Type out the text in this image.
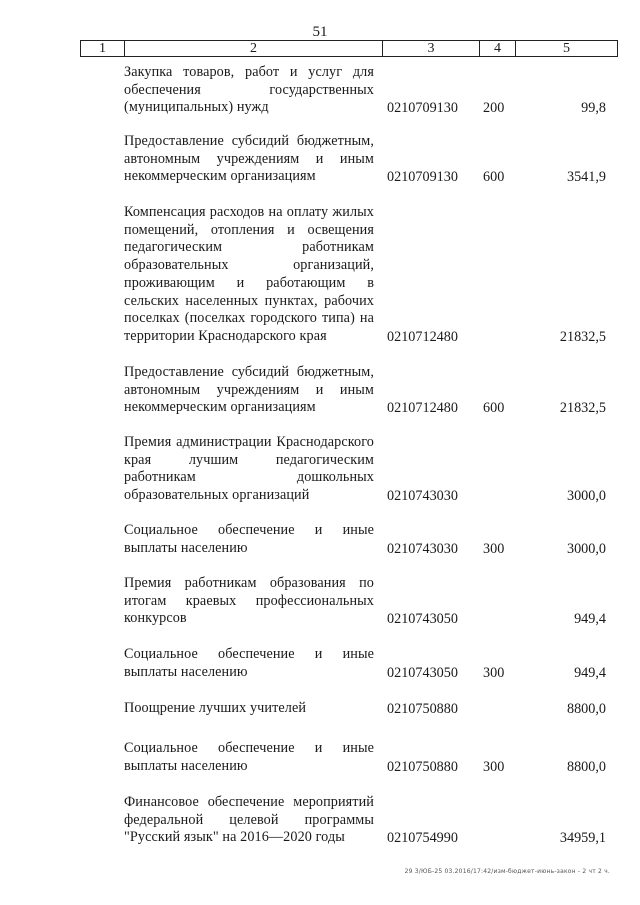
51
1	2	3	4	5
Закупка товаров, работ и услуг для обеспечения государственных (муниципальных) нужд	0210709130 200	99,8
Предоставление субсидий бюджетным, автономным учреждениям и иным некоммерческим организациям	0210709130 600	3541,9
Компенсация расходов на оплату жилых помещений, отопления и освещения педагогическим работникам образовательных организаций, проживающим и работающим в сельских населенных пунктах, рабочих поселках (поселках городского типа) на территории Краснодарского края	0210712480	21832,5
Предоставление субсидий бюджетным, автономным учреждениям и иным некоммерческим организациям	0210712480 600	21832,5
Премия администрации Краснодарского края лучшим педагогическим работникам дошкольных образовательных организаций	0210743030	3000,0
Социальное обеспечение и иные выплаты населению	0210743030 300	3000,0
Премия работникам образования по итогам краевых профессиональных конкурсов	0210743050	949,4
Социальное обеспечение и иные выплаты населению	0210743050 300	949,4
Поощрение лучших учителей	0210750880	8800,0
Социальное обеспечение и иные выплаты населению	0210750880 300	8800,0
Финансовое обеспечение мероприятий федеральной целевой программы "Русский язык" на 2016—2020 годы	0210754990	34959,1
29 3/ЮБ-25 03.2016/17:42/изм-бюджет-июнь-закон - 2 чт 2 ч.
